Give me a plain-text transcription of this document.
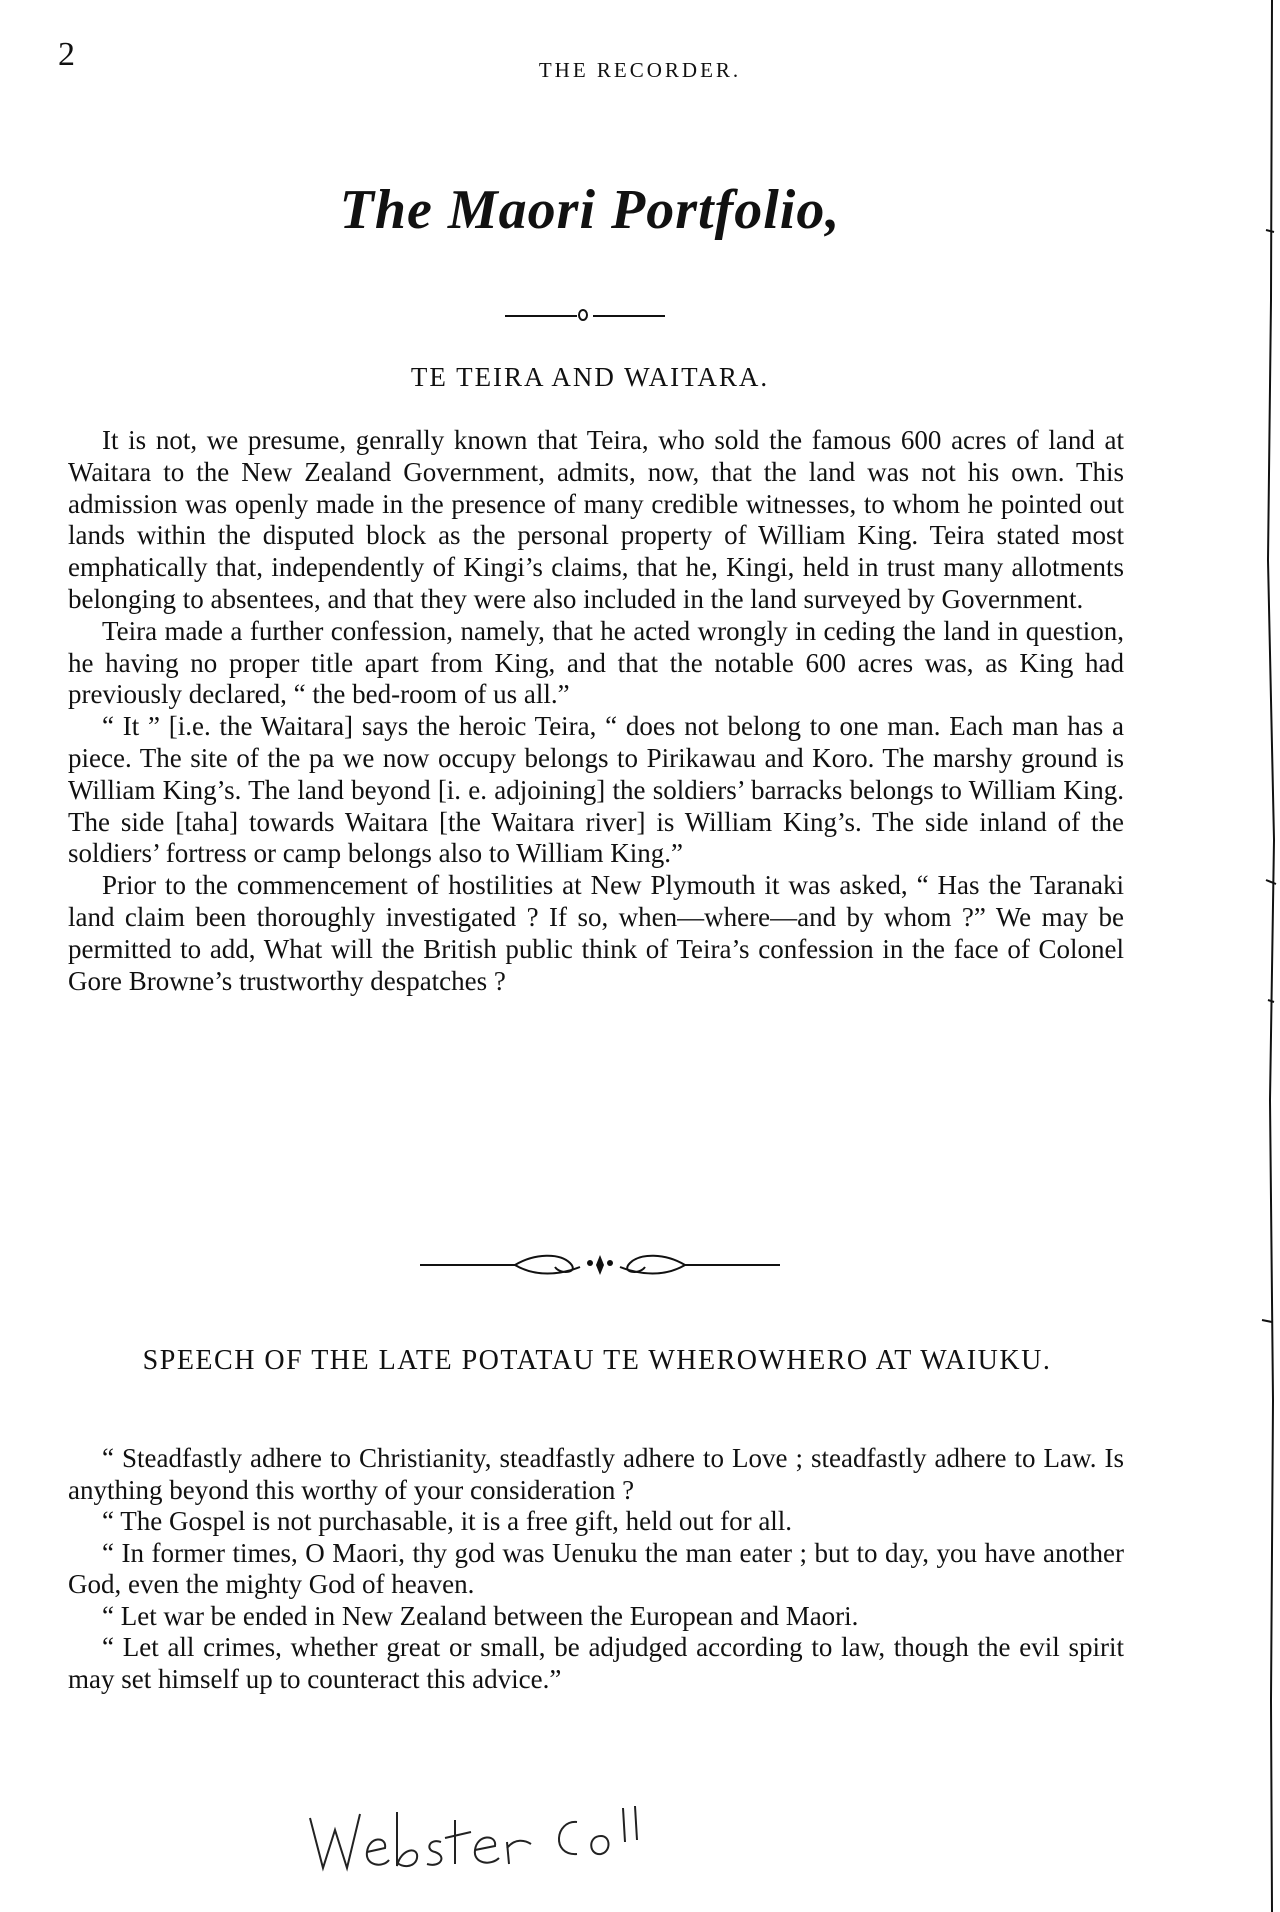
2	THE RECORDER.
The Maori Portfolio,
TE TEIRA AND WAITARA.

It is not, we presume, genrally known that Teira, who sold the famous 600 acres of land at Waitara to the New Zealand Government, admits, now, that the land was not his own. This admission was openly made in the presence of many credible witnesses, to whom he pointed out lands within the disputed block as the personal property of William King. Teira stated most emphatically that, independently of Kingi’s claims, that he, Kingi, held in trust many allotments belonging to absentees, and that they were also included in the land surveyed by Government.

Teira made a further confession, namely, that he acted wrongly in ceding the land in question, he having no proper title apart from King, and that the notable 600 acres was, as King had previously declared, “ the bed-room of us all.”

“ It ” [i.e. the Waitara] says the heroic Teira, “ does not belong to one man. Each man has a piece. The site of the pa we now occupy belongs to Pirikawau and Koro. The marshy ground is William King’s. The land beyond [i. e. adjoining] the soldiers’ barracks belongs to William King. The side [taha] towards Waitara [the Waitara river] is William King’s. The side inland of the soldiers’ fortress or camp belongs also to William King.”

Prior to the commencement of hostilities at New Plymouth it was asked, “ Has the Taranaki land claim been thoroughly investigated ? If so, when—where—and by whom ?” We may be permitted to add, What will the British public think of Teira’s confession in the face of Colonel Gore Browne’s trustworthy despatches ?

SPEECH OF THE LATE POTATAU TE WHEROWHERO AT WAIUKU.

“ Steadfastly adhere to Christianity, steadfastly adhere to Love ; steadfastly adhere to Law. Is anything beyond this worthy of your consideration ?

“ The Gospel is not purchasable, it is a free gift, held out for all.

“ In former times, O Maori, thy god was Uenuku the man eater ; but to day, you have another God, even the mighty God of heaven.

“ Let war be ended in New Zealand between the European and Maori.

“ Let all crimes, whether great or small, be adjudged according to law, though the evil spirit may set himself up to counteract this advice.”
